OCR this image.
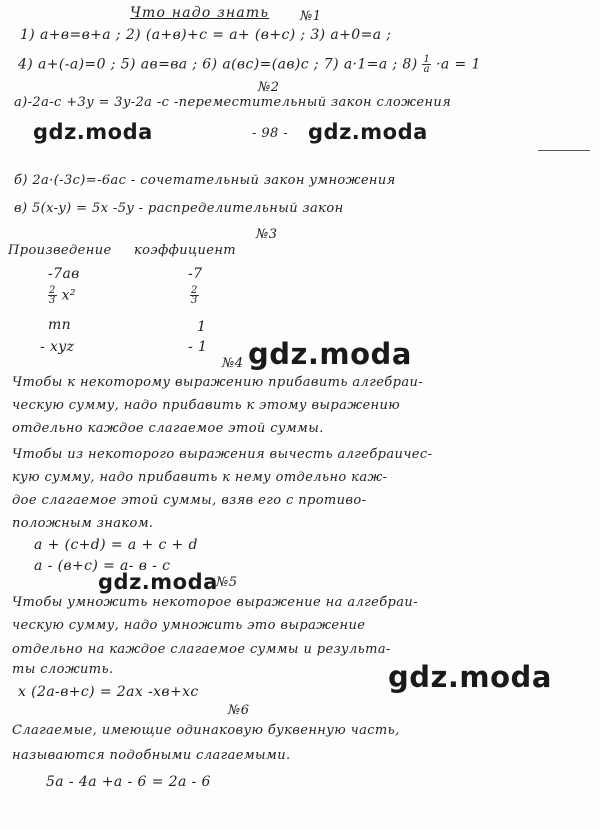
Что надо знать №1
1) a+в=в+a ; 2) (a+в)+c = a+ (в+c) ; 3) a+0=a ;
4) a+(-a)=0 ; 5) aв=вa ; 6) a(вc)=(aв)c ; 7) a·1=a ; $8) \frac{1}{a} \cdot a = 1$
№2
a)-2a-c +3y = 3y-2a -c -переместительный закон сложения
gdz.moda	- 98 - gdz.moda
б) 2a·(-3c)=-6ac - сочетательный закон умножения
в) 5(x-y) = 5x -5y - распределительный закон
№3
Произведение коэффициент
-7aв	-7
$\frac{2}{3} x^2$	$\frac{2}{3}$
mn	1
- xyz	- 1 gdz.moda
№4
Чтобы к некоторому выражению прибавить алгебраи-
ческую сумму, надо прибавить к этому выражению
отдельно каждое слагаемое этой суммы.
Чтобы из некоторого выражения вычесть алгебраичес-
кую сумму, надо прибавить к нему отдельно каж-
дое слагаемое этой суммы, взяв его с противо-
положным знаком.
a + (c+d) = a + c + d
a - (в+c) = a- в - c
gdz.moda
№5
Чтобы умножить некоторое выражение на алгебраи-
ческую сумму, надо умножить это выражение
отдельно на каждое слагаемое суммы и результа-
ты сложить.
x (2a-в+c) = 2ax -xв+xc	gdz.moda
№6
Слагаемые, имеющие одинаковую буквенную часть,
называются подобными слагаемыми.
5a - 4a +a - 6 = 2a - 6
